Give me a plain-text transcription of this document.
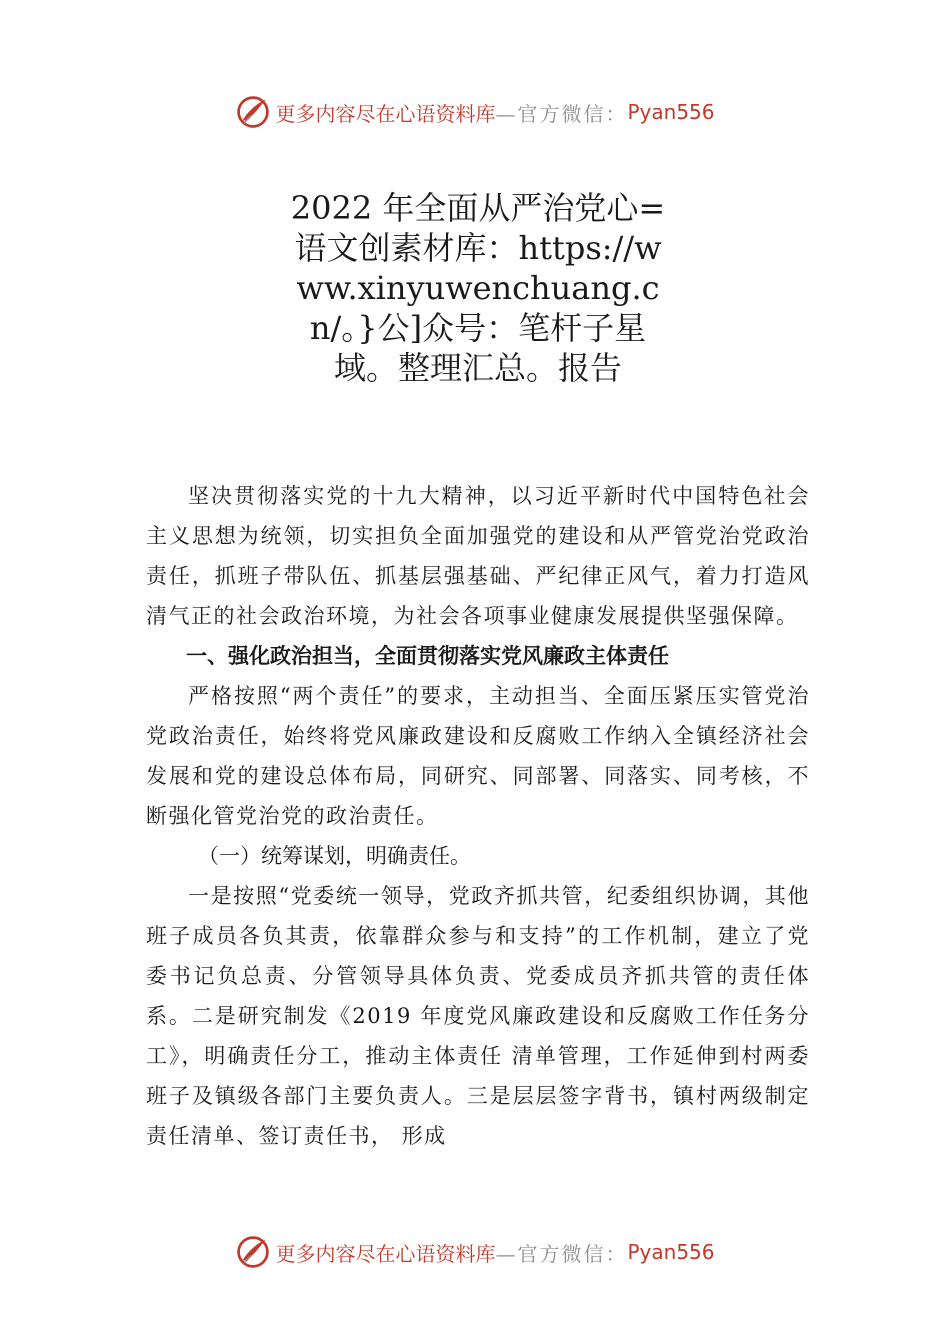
更多内容尽在心语资料库 —官方微信： Pyan556
2022 年全面从严治党心=语文创素材库：https://www.xinyuwenchuang.cn/。}公]众号：笔杆子星域。整理汇总。报告

坚决贯彻落实党的十九大精神，以习近平新时代中国特色社会主义思想为统领，切实担负全面加强党的建设和从严管党治党政治责任，抓班子带队伍、抓基层强基础、严纪律正风气，着力打造风清气正的社会政治环境，为社会各项事业健康发展提供坚强保障。

一、强化政治担当，全面贯彻落实党风廉政主体责任

严格按照“两个责任”的要求，主动担当、全面压紧压实管党治党政治责任，始终将党风廉政建设和反腐败工作纳入全镇经济社会发展和党的建设总体布局，同研究、同部署、同落实、同考核，不断强化管党治党的政治责任。

（一）统筹谋划，明确责任。

一是按照“党委统一领导，党政齐抓共管，纪委组织协调，其他班子成员各负其责，依靠群众参与和支持”的工作机制，建立了党委书记负总责、分管领导具体负责、党委成员齐抓共管的责任体系。二是研究制发《2019 年度党风廉政建设和反腐败工作任务分工》，明确责任分工，推动主体责任 清单管理，工作延伸到村两委班子及镇级各部门主要负责人。三是层层签字背书，镇村两级制定责任清单、签订责任书， 形成

更多内容尽在心语资料库 —官方微信： Pyan556
